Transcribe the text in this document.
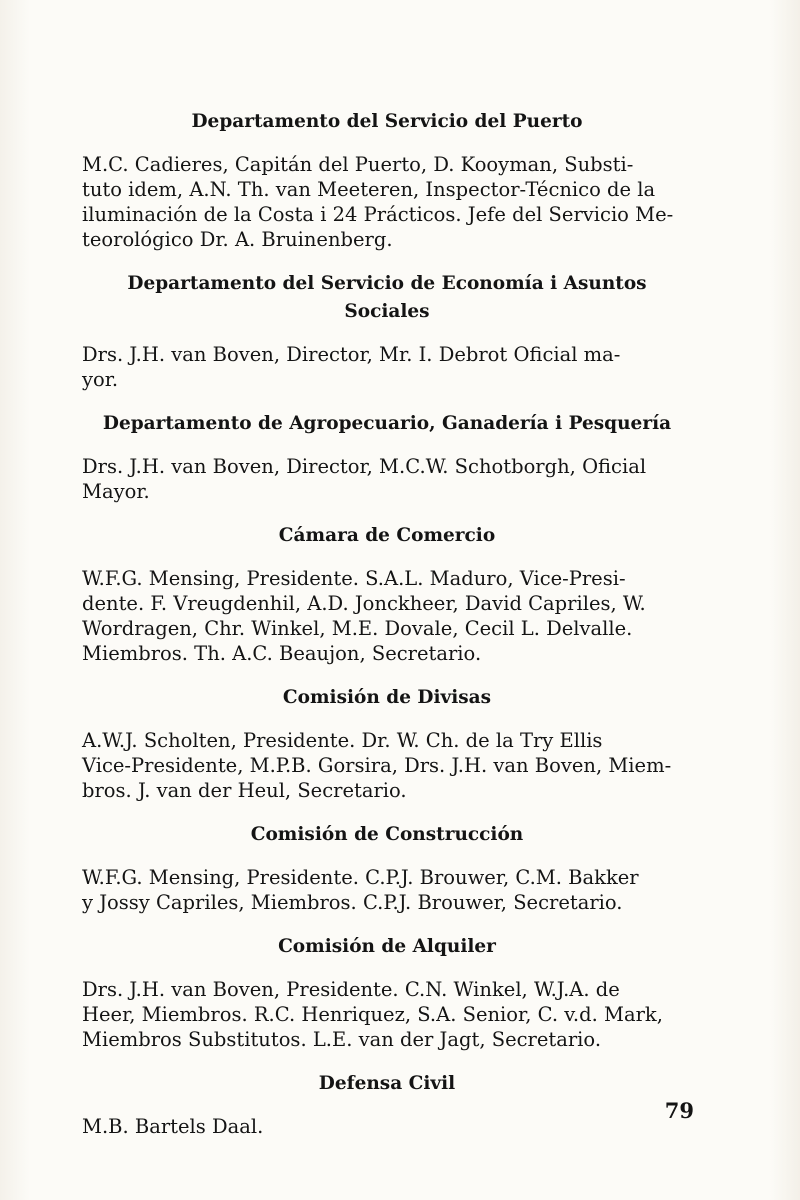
Departamento del Servicio del Puerto

M.C. Cadieres, Capitán del Puerto, D. Kooyman, Substi-
tuto idem, A.N. Th. van Meeteren, Inspector-Técnico de la
iluminación de la Costa i 24 Prácticos. Jefe del Servicio Me-
teorológico Dr. A. Bruinenberg.

Departamento del Servicio de Economía i Asuntos Sociales

Drs. J.H. van Boven, Director, Mr. I. Debrot Oficial ma-
yor.

Departamento de Agropecuario, Ganadería i Pesquería

Drs. J.H. van Boven, Director, M.C.W. Schotborgh, Oficial
Mayor.

Cámara de Comercio

W.F.G. Mensing, Presidente. S.A.L. Maduro, Vice-Presi-
dente. F. Vreugdenhil, A.D. Jonckheer, David Capriles, W.
Wordragen, Chr. Winkel, M.E. Dovale, Cecil L. Delvalle.
Miembros. Th. A.C. Beaujon, Secretario.

Comisión de Divisas

A.W.J. Scholten, Presidente. Dr. W. Ch. de la Try Ellis
Vice-Presidente, M.P.B. Gorsira, Drs. J.H. van Boven, Miem-
bros. J. van der Heul, Secretario.

Comisión de Construcción

W.F.G. Mensing, Presidente. C.P.J. Brouwer, C.M. Bakker
y Jossy Capriles, Miembros. C.P.J. Brouwer, Secretario.

Comisión de Alquiler

Drs. J.H. van Boven, Presidente. C.N. Winkel, W.J.A. de
Heer, Miembros. R.C. Henriquez, S.A. Senior, C. v.d. Mark,
Miembros Substitutos. L.E. van der Jagt, Secretario.

Defensa Civil

M.B. Bartels Daal.

79
